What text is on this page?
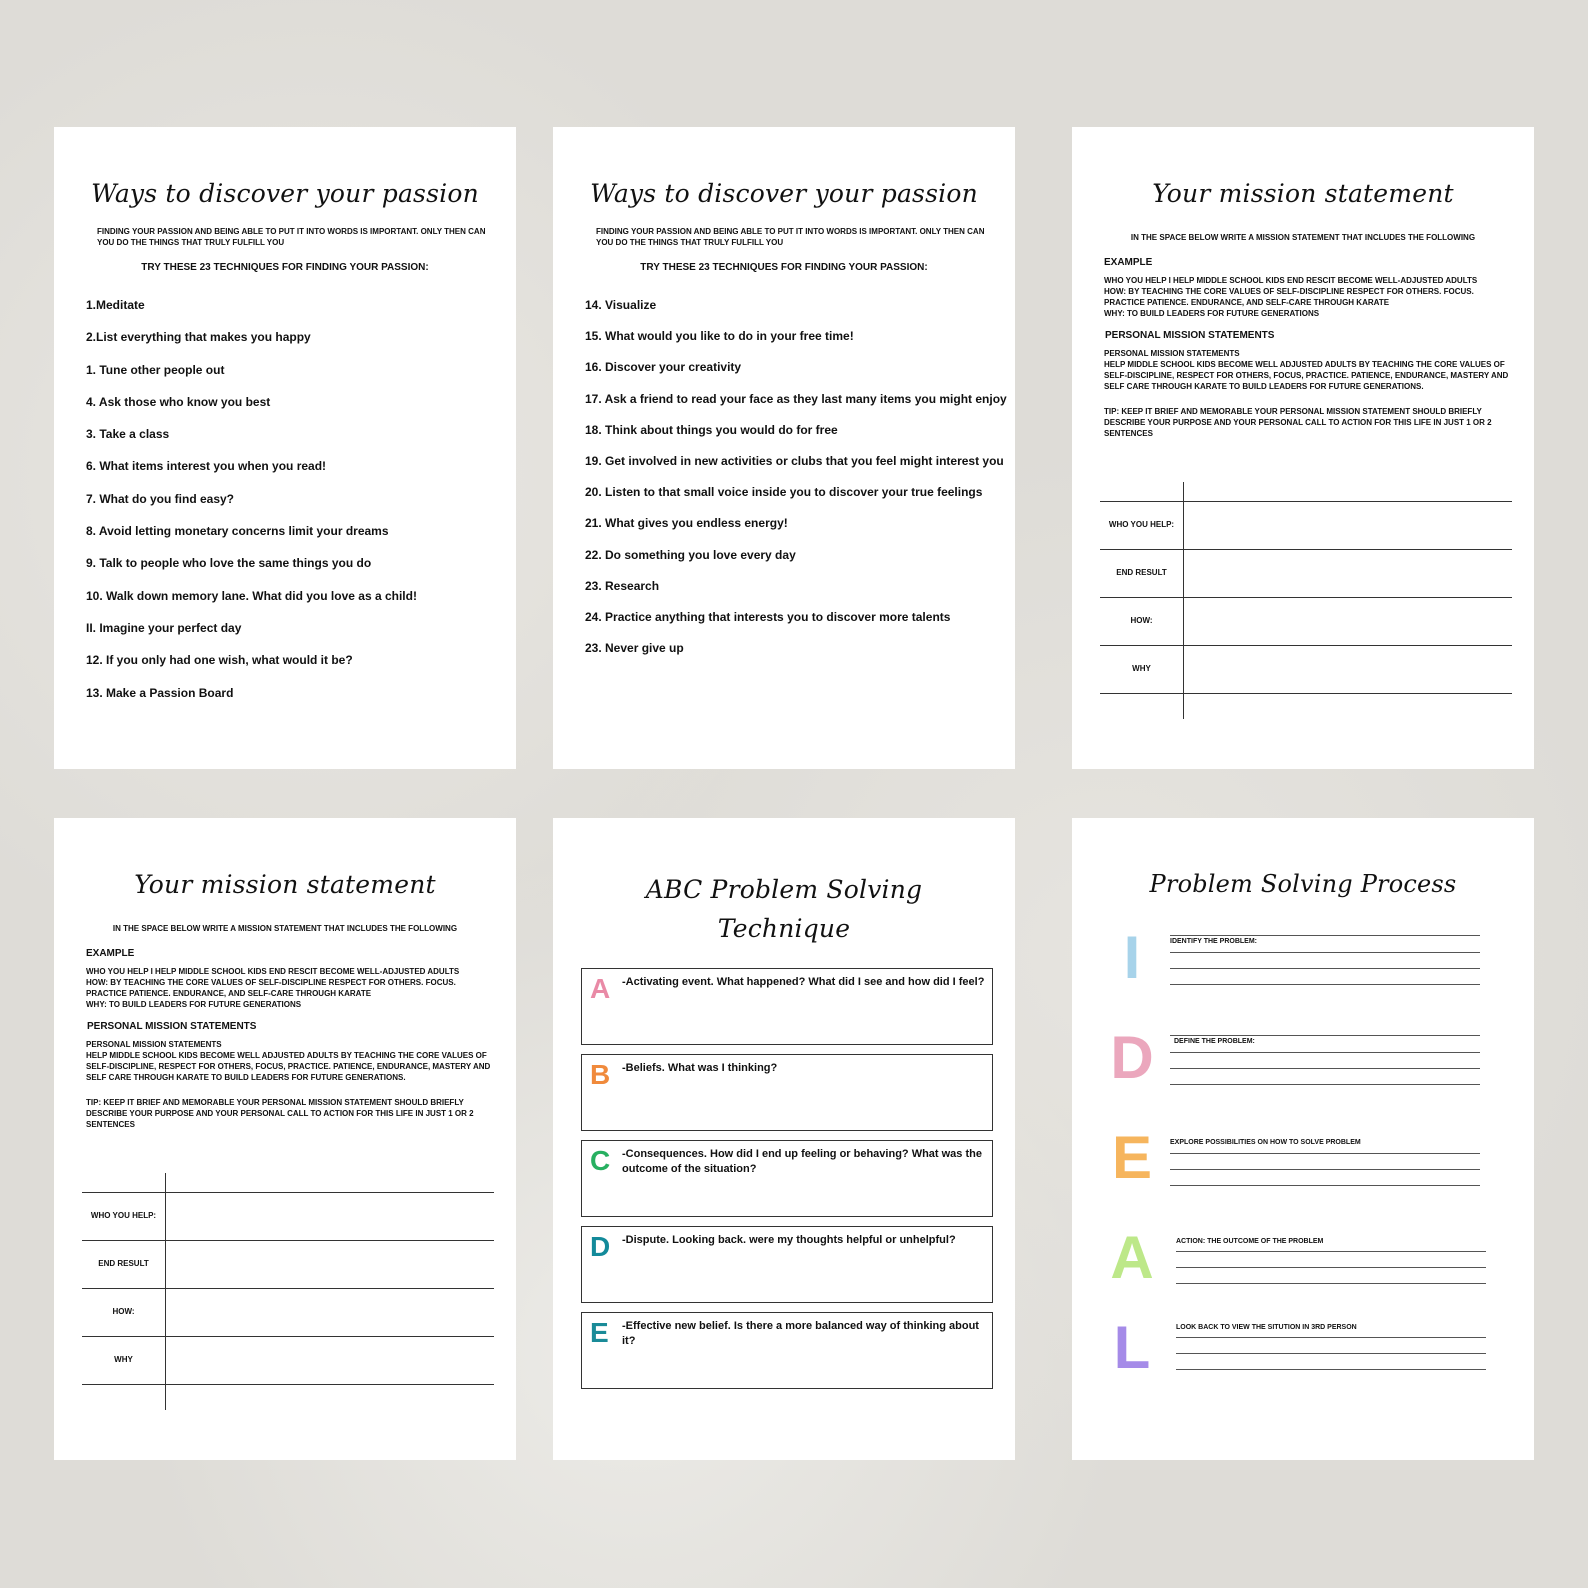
Ways to discover your passion
FINDING YOUR PASSION AND BEING ABLE TO PUT IT INTO WORDS IS IMPORTANT. ONLY THEN CAN YOU DO THE THINGS THAT TRULY FULFILL YOU
TRY THESE 23 TECHNIQUES FOR FINDING YOUR PASSION:
1.Meditate
2.List everything that makes you happy
1. Tune other people out
4. Ask those who know you best
3. Take a class
6. What items interest you when you read!
7. What do you find easy?
8. Avoid letting monetary concerns limit your dreams
9. Talk to people who love the same things you do
10. Walk down memory lane. What did you love as a child!
II. Imagine your perfect day
12. If you only had one wish, what would it be?
13. Make a Passion Board
Ways to discover your passion
FINDING YOUR PASSION AND BEING ABLE TO PUT IT INTO WORDS IS IMPORTANT. ONLY THEN CAN YOU DO THE THINGS THAT TRULY FULFILL YOU
TRY THESE 23 TECHNIQUES FOR FINDING YOUR PASSION:
14. Visualize
15. What would you like to do in your free time!
16. Discover your creativity
17. Ask a friend to read your face as they last many items you might enjoy
18. Think about things you would do for free
19. Get involved in new activities or clubs that you feel might interest you
20. Listen to that small voice inside you to discover your true feelings
21. What gives you endless energy!
22. Do something you love every day
23. Research
24. Practice anything that interests you to discover more talents
23. Never give up
Your mission statement
IN THE SPACE BELOW WRITE A MISSION STATEMENT THAT INCLUDES THE FOLLOWING
EXAMPLE
WHO YOU HELP I HELP MIDDLE SCHOOL KIDS END RESCIT BECOME WELL-ADJUSTED ADULTS
HOW: BY TEACHING THE CORE VALUES OF SELF-DISCIPLINE RESPECT FOR OTHERS. FOCUS.
PRACTICE PATIENCE. ENDURANCE, AND SELF-CARE THROUGH KARATE
WHY: TO BUILD LEADERS FOR FUTURE GENERATIONS
PERSONAL MISSION STATEMENTS
PERSONAL MISSION STATEMENTS
HELP MIDDLE SCHOOL KIDS BECOME WELL ADJUSTED ADULTS BY TEACHING THE CORE VALUES OF SELF-DISCIPLINE, RESPECT FOR OTHERS, FOCUS, PRACTICE. PATIENCE, ENDURANCE, MASTERY AND SELF CARE THROUGH KARATE TO BUILD LEADERS FOR FUTURE GENERATIONS.
TIP: KEEP IT BRIEF AND MEMORABLE YOUR PERSONAL MISSION STATEMENT SHOULD BRIEFLY DESCRIBE YOUR PURPOSE AND YOUR PERSONAL CALL TO ACTION FOR THIS LIFE IN JUST 1 OR 2 SENTENCES
WHO YOU HELP:
END RESULT
HOW:
WHY
Your mission statement
IN THE SPACE BELOW WRITE A MISSION STATEMENT THAT INCLUDES THE FOLLOWING
EXAMPLE
WHO YOU HELP I HELP MIDDLE SCHOOL KIDS END RESCIT BECOME WELL-ADJUSTED ADULTS
HOW: BY TEACHING THE CORE VALUES OF SELF-DISCIPLINE RESPECT FOR OTHERS. FOCUS.
PRACTICE PATIENCE. ENDURANCE, AND SELF-CARE THROUGH KARATE
WHY: TO BUILD LEADERS FOR FUTURE GENERATIONS
PERSONAL MISSION STATEMENTS
PERSONAL MISSION STATEMENTS
HELP MIDDLE SCHOOL KIDS BECOME WELL ADJUSTED ADULTS BY TEACHING THE CORE VALUES OF SELF-DISCIPLINE, RESPECT FOR OTHERS, FOCUS, PRACTICE. PATIENCE, ENDURANCE, MASTERY AND SELF CARE THROUGH KARATE TO BUILD LEADERS FOR FUTURE GENERATIONS.
TIP: KEEP IT BRIEF AND MEMORABLE YOUR PERSONAL MISSION STATEMENT SHOULD BRIEFLY DESCRIBE YOUR PURPOSE AND YOUR PERSONAL CALL TO ACTION FOR THIS LIFE IN JUST 1 OR 2 SENTENCES
WHO YOU HELP:
END RESULT
HOW:
WHY
ABC Problem Solving
Technique
A -Activating event. What happened? What did I see and how did I feel?
B -Beliefs. What was I thinking?
C -Consequences. How did I end up feeling or behaving? What was the outcome of the situation?
D -Dispute. Looking back. were my thoughts helpful or unhelpful?
E -Effective new belief. Is there a more balanced way of thinking about it?
Problem Solving Process
I
D
E
A
L
IDENTIFY THE PROBLEM:
DEFINE THE PROBLEM:
EXPLORE POSSIBILITIES ON HOW TO SOLVE PROBLEM
ACTION: THE OUTCOME OF THE PROBLEM
LOOK BACK TO VIEW THE SITUTION IN 3RD PERSON
